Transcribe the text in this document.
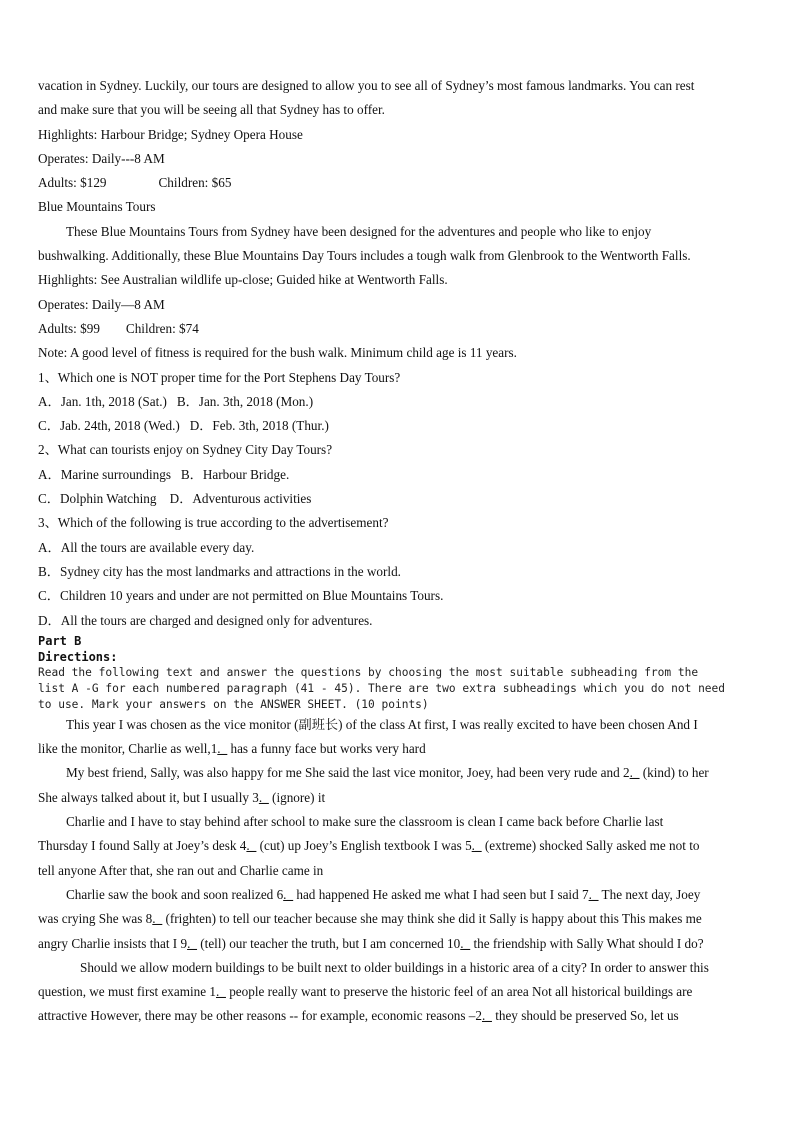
vacation in Sydney. Luckily, our tours are designed to allow you to see all of Sydney’s most famous landmarks. You can rest
and make sure that you will be seeing all that Sydney has to offer.
Highlights: Harbour Bridge; Sydney Opera House
Operates: Daily---8 AM
Adults: $129	Children: $65
Blue Mountains Tours
These Blue Mountains Tours from Sydney have been designed for the adventures and people who like to enjoy
bushwalking. Additionally, these Blue Mountains Day Tours includes a tough walk from Glenbrook to the Wentworth Falls.
Highlights: See Australian wildlife up-close; Guided hike at Wentworth Falls.
Operates: Daily—8 AM
Adults: $99 Children: $74
Note: A good level of fitness is required for the bush walk. Minimum child age is 11 years.
1、Which one is NOT proper time for the Port Stephens Day Tours?
A．Jan. 1th, 2018 (Sat.) B．Jan. 3th, 2018 (Mon.)
C．Jab. 24th, 2018 (Wed.) D．Feb. 3th, 2018 (Thur.)
2、What can tourists enjoy on Sydney City Day Tours?
A．Marine surroundings B．Harbour Bridge.
C．Dolphin Watching D．Adventurous activities
3、Which of the following is true according to the advertisement?
A．All the tours are available every day.
B．Sydney city has the most landmarks and attractions in the world.
C．Children 10 years and under are not permitted on Blue Mountains Tours.
D．All the tours are charged and designed only for adventures.
Part B
Directions:
Read the following text and answer the questions by choosing the most suitable subheading from the
list A -G for each numbered paragraph (41 - 45). There are two extra subheadings which you do not need
to use. Mark your answers on the ANSWER SHEET. (10 points)
This year I was chosen as the vice monitor (副班长) of the class At first, I was really excited to have been chosen And I
like the monitor, Charlie as well,1._ has a funny face but works very hard
My best friend, Sally, was also happy for me She said the last vice monitor, Joey, had been very rude and 2._ (kind) to her
She always talked about it, but I usually 3._ (ignore) it
Charlie and I have to stay behind after school to make sure the classroom is clean I came back before Charlie last
Thursday I found Sally at Joey’s desk 4._ (cut) up Joey’s English textbook I was 5._ (extreme) shocked Sally asked me not to
tell anyone After that, she ran out and Charlie came in
Charlie saw the book and soon realized 6._ had happened He asked me what I had seen but I said 7._ The next day, Joey
was crying She was 8._ (frighten) to tell our teacher because she may think she did it Sally is happy about this This makes me
angry Charlie insists that I 9._ (tell) our teacher the truth, but I am concerned 10._ the friendship with Sally What should I do?
Should we allow modern buildings to be built next to older buildings in a historic area of a city? In order to answer this
question, we must first examine 1._ people really want to preserve the historic feel of an area Not all historical buildings are
attractive However, there may be other reasons -- for example, economic reasons –2._ they should be preserved So, let us
